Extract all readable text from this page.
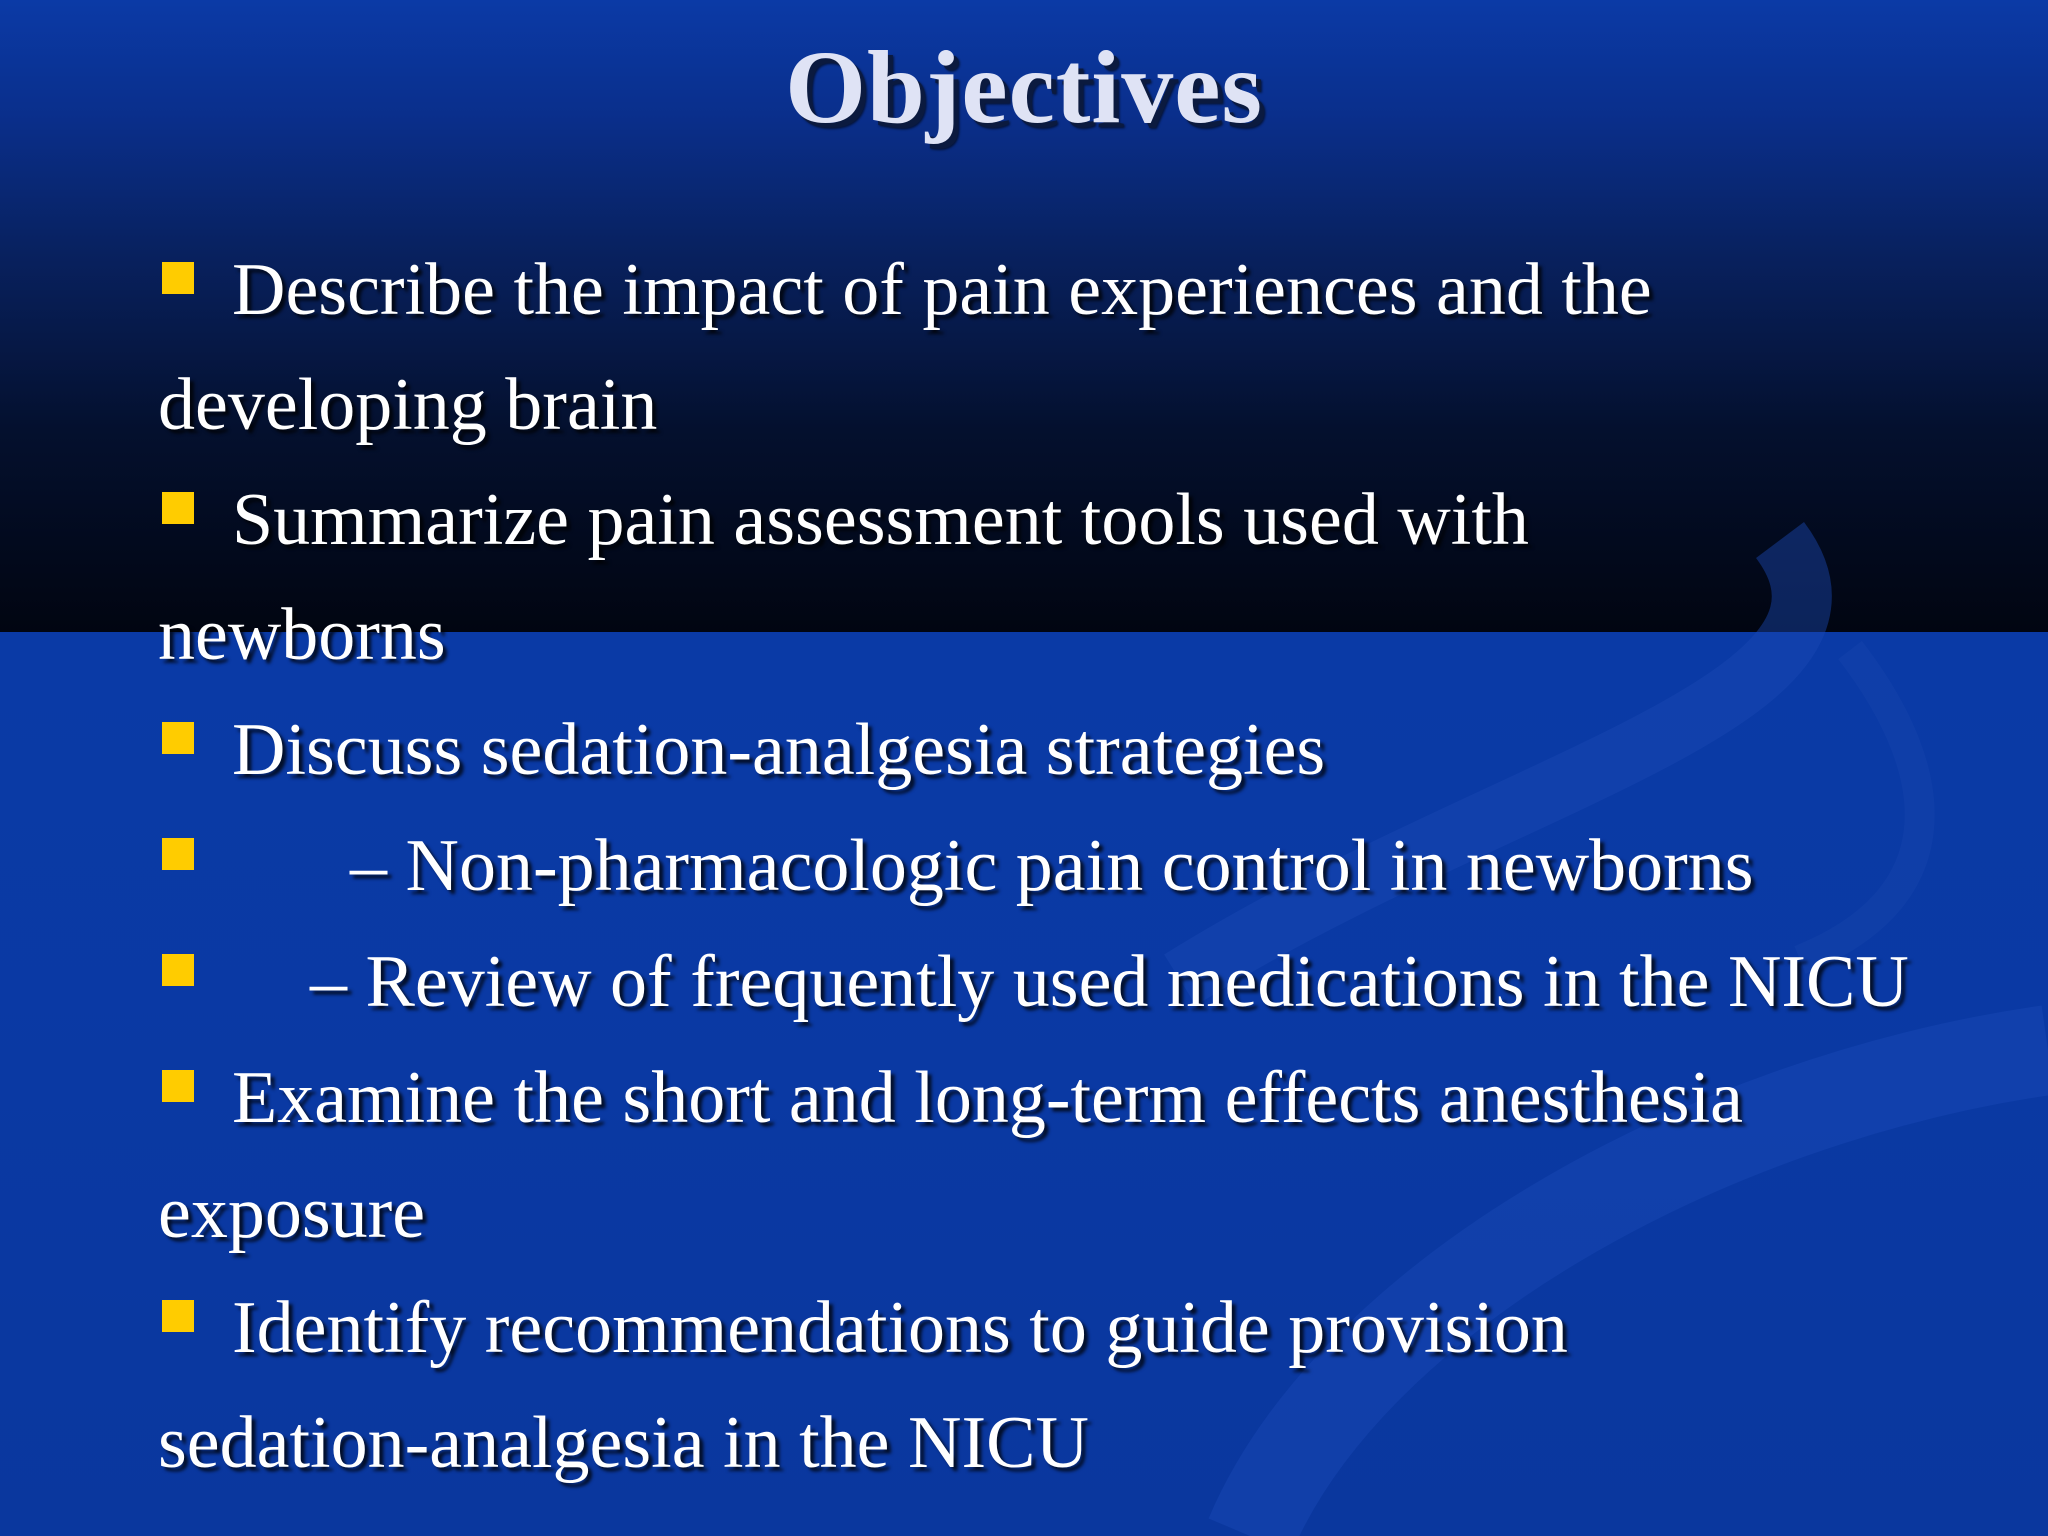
Objectives
Describe the impact of pain experiences and the
developing brain
Summarize pain assessment tools used with
newborns
Discuss sedation-analgesia strategies
– Non-pharmacologic pain control in newborns
– Review of frequently used medications in the NICU
Examine the short and long-term effects anesthesia
exposure
Identify recommendations to guide provision
sedation-analgesia in the NICU
